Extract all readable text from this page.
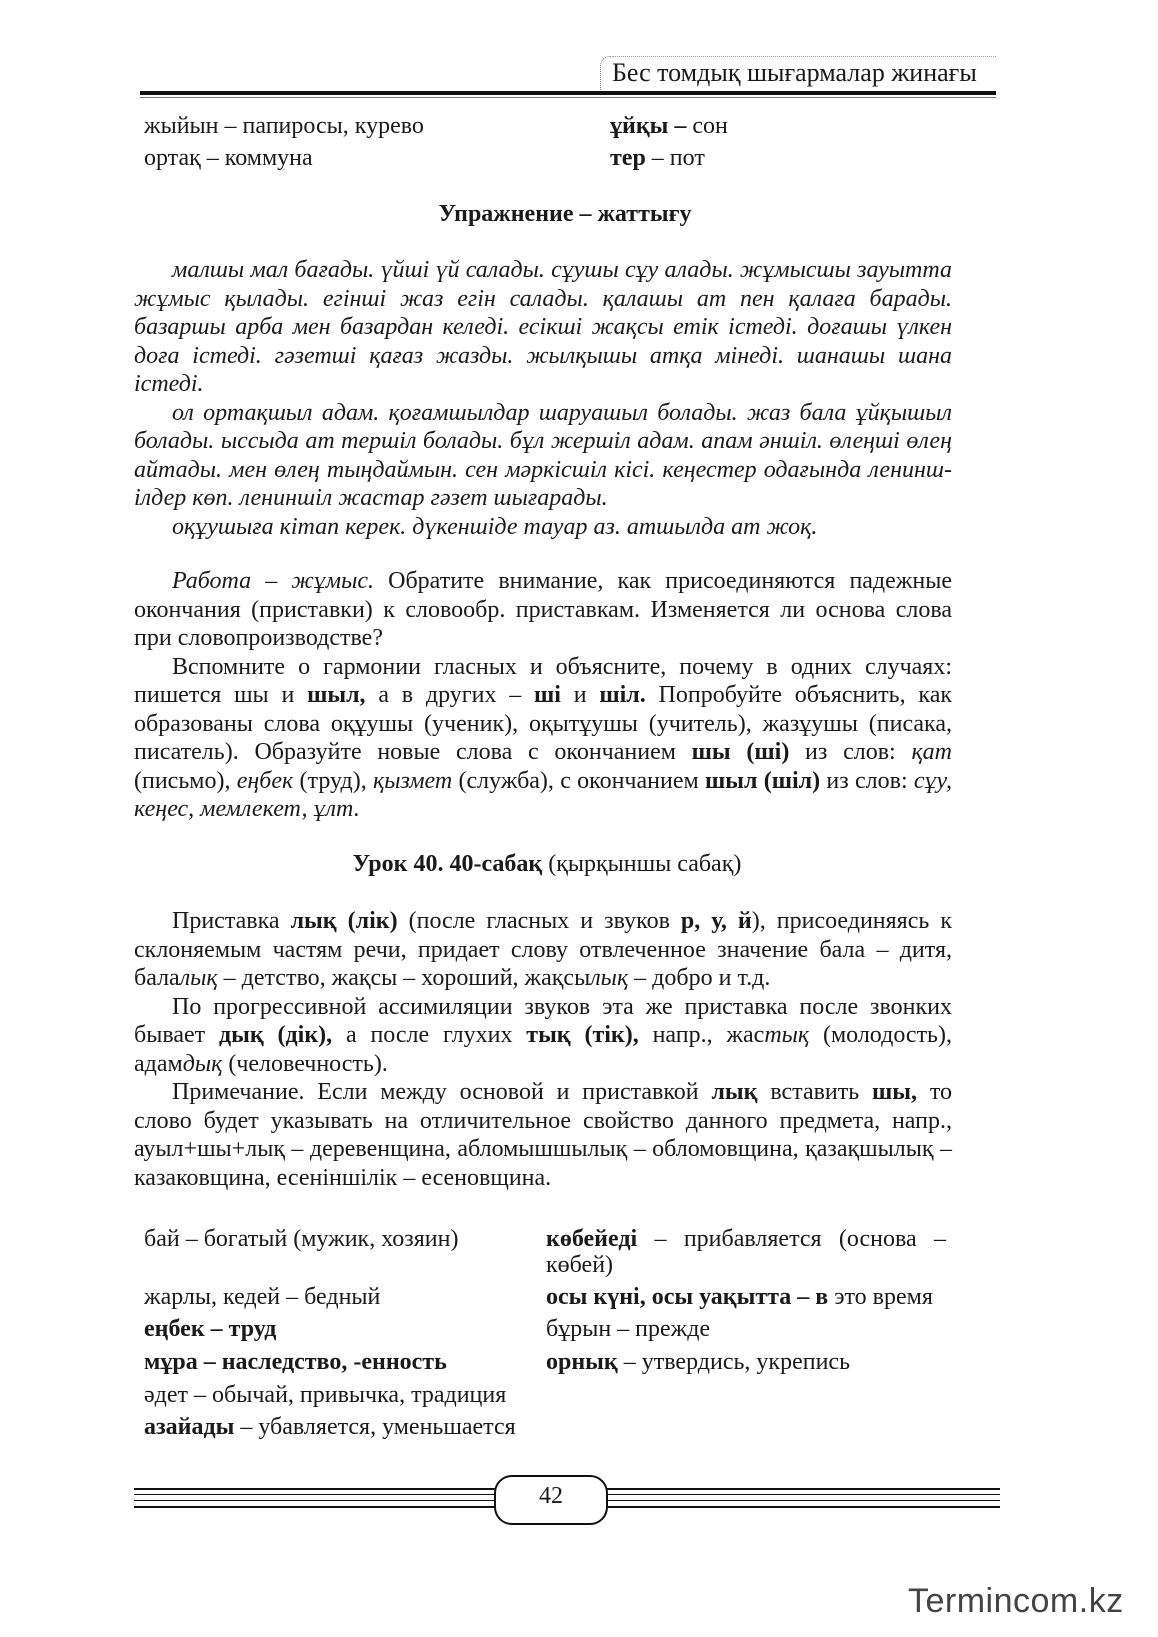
Бес томдық шығармалар жинағы
жыйын – папиросы, курево	ұйқы – сон
ортақ – коммуна	тер – пот
Упражнение – жаттығу

малшы мал бағады. үйші үй салады. сұушы сұу алады. жұмысшы зауытта жұмыс қылады. егінші жаз егін салады. қалашы ат пен қалаға барады. базаршы арба мен базардан келеді. есікші жақсы етік істеді. доғашы үлкен доға істеді. гәзетші қағаз жазды. жылқышы атқа мінеді. шанашы шана істеді.

ол ортақшыл адам. қоғамшылдар шаруашыл болады. жаз бала ұйқышыл болады. ыссыда ат тершіл болады. бұл жершіл адам. апам әншіл. өлеңші өлең айтады. мен өлең тыңдаймын. сен мәркісшіл кісі. кеңестер одағында лениншілдер көп. лениншіл жастар гәзет шығарады.

оқұушыға кітап керек. дүкеншіде тауар аз. атшылда ат жоқ.

Работа – жұмыс. Обратите внимание, как присоединяются падежные окончания (приставки) к словообр. приставкам. Изменяется ли основа слова при словопроизводстве?

Вспомните о гармонии гласных и объясните, почему в одних случаях: пишется шы и шыл, а в других – ші и шіл. Попробуйте объяснить, как образованы слова оқұушы (ученик), оқытұушы (учитель), жазұушы (писака, писатель). Образуйте новые слова с окончанием шы (ші) из слов: қат (письмо), еңбек (труд), қызмет (служба), с окончанием шыл (шіл) из слов: сұу, кеңес, мемлекет, ұлт.

Урок 40. 40-сабақ (қырқыншы сабақ)

Приставка лық (лік) (после гласных и звуков р, у, й), присоединяясь к склоняемым частям речи, придает слову отвлеченное значение бала – дитя, балалық – детство, жақсы – хороший, жақсылық – добро и т.д.

По прогрессивной ассимиляции звуков эта же приставка после звонких бывает дық (дік), а после глухих тық (тік), напр., жастық (молодость), адамдық (человечность).

Примечание. Если между основой и приставкой лық вставить шы, то слово будет указывать на отличительное свойство данного предмета, напр., ауыл+шы+лық – деревенщина, абломышшылық – обломовщина, қазақшылық – казаковщина, есенiншiлiк – есеновщина.

бай – богатый (мужик, хозяин)
жарлы, кедей – бедный
еңбек – труд
мұра – наследство, -енность
әдет – обычай, привычка, традиция
азайады – убавляется, уменьшается
көбейеді – прибавляется (основа – көбей)
осы күні, осы уақытта – в это время
бұрын – прежде
орнық – утвердись, укрепись
42
Termincom.kz
